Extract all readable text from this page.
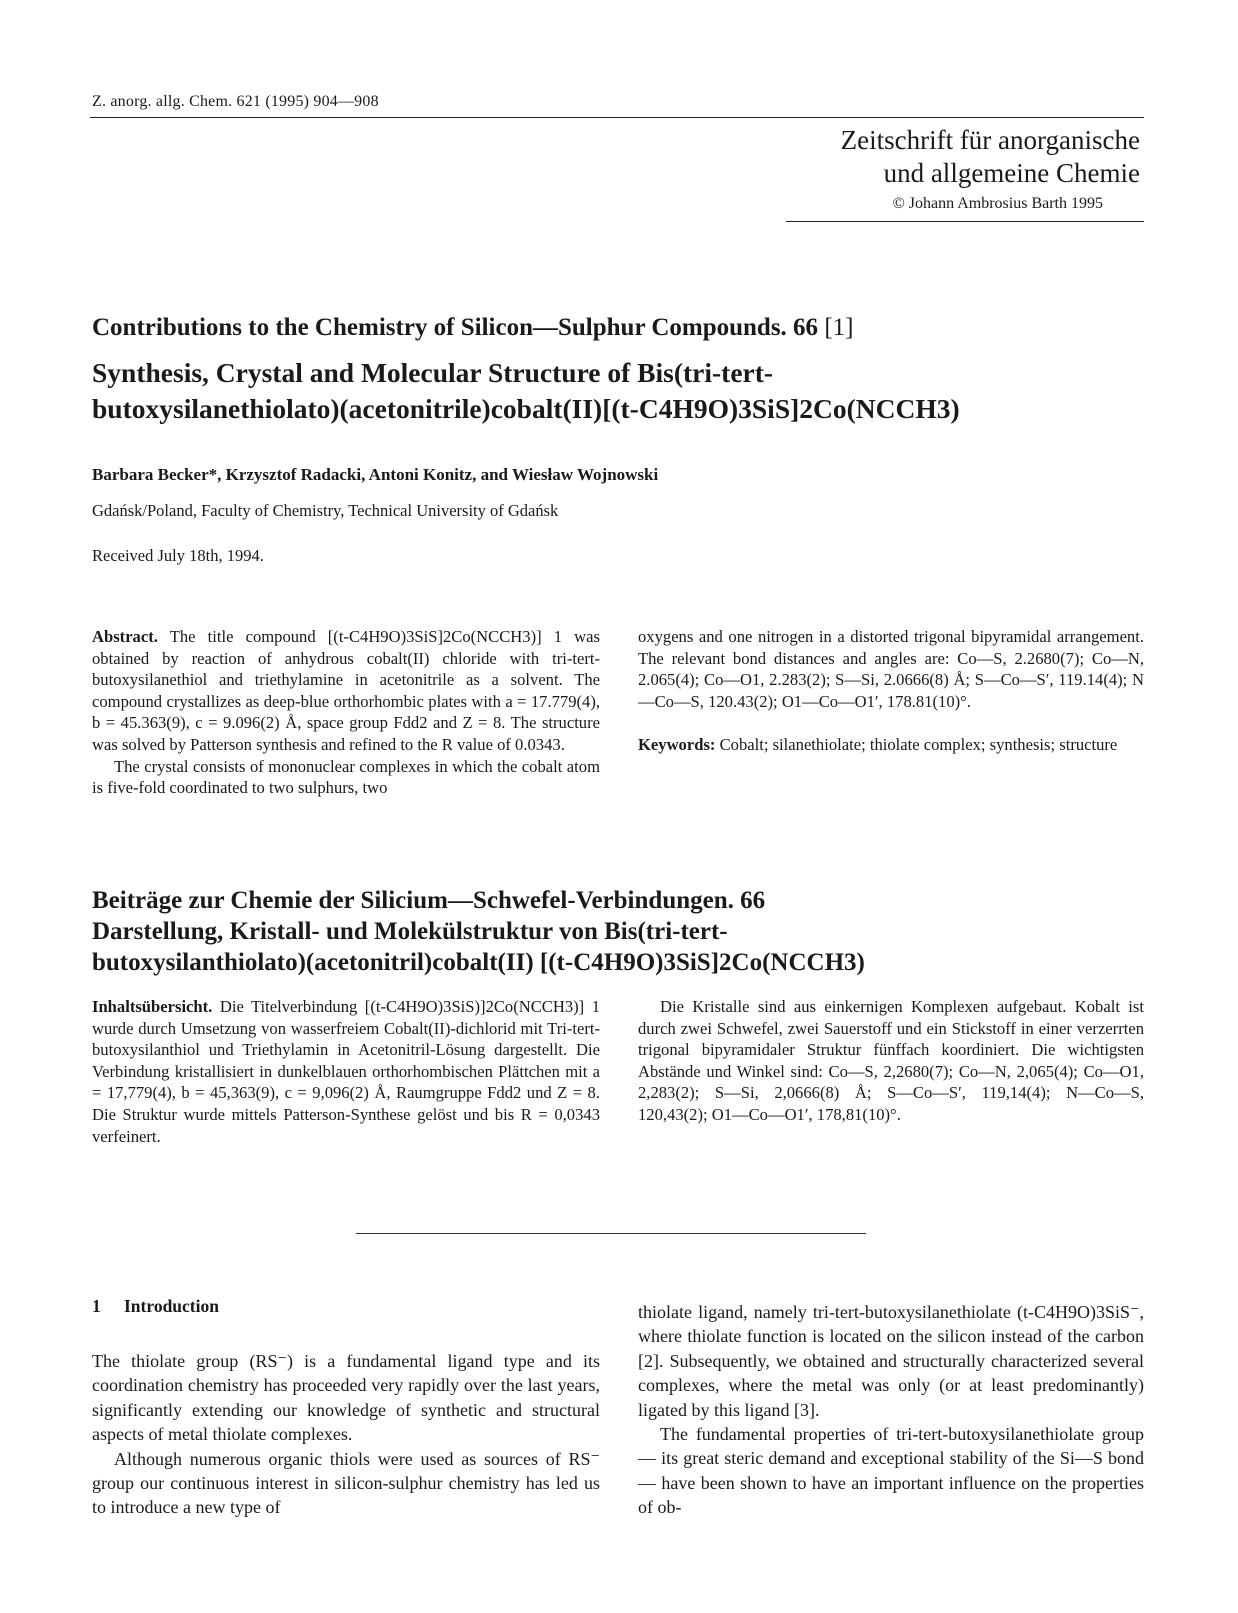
Z. anorg. allg. Chem. 621 (1995) 904—908
Zeitschrift für anorganische
und allgemeine Chemie
© Johann Ambrosius Barth 1995
Contributions to the Chemistry of Silicon—Sulphur Compounds. 66 [1]
Synthesis, Crystal and Molecular Structure of Bis(tri-tert-
butoxysilanethiolato)(acetonitrile)cobalt(II)[(t-C4H9O)3SiS]2Co(NCCH3)
Barbara Becker*, Krzysztof Radacki, Antoni Konitz, and Wiesław Wojnowski
Gdańsk/Poland, Faculty of Chemistry, Technical University of Gdańsk
Received July 18th, 1994.

Abstract. The title compound [(t-C4H9O)3SiS]2Co(NCCH3)] 1 was obtained by reaction of anhydrous cobalt(II) chloride with tri-tert-butoxysilanethiol and triethylamine in acetonitrile as a solvent. The compound crystallizes as deep-blue orthorhombic plates with a = 17.779(4), b = 45.363(9), c = 9.096(2) Å, space group Fdd2 and Z = 8. The structure was solved by Patterson synthesis and refined to the R value of 0.0343.

The crystal consists of mononuclear complexes in which the cobalt atom is five-fold coordinated to two sulphurs, two

oxygens and one nitrogen in a distorted trigonal bipyramidal arrangement. The relevant bond distances and angles are: Co—S, 2.2680(7); Co—N, 2.065(4); Co—O1, 2.283(2); S—Si, 2.0666(8) Å; S—Co—S′, 119.14(4); N—Co—S, 120.43(2); O1—Co—O1′, 178.81(10)°.

Keywords: Cobalt; silanethiolate; thiolate complex; synthesis; structure

Beiträge zur Chemie der Silicium—Schwefel-Verbindungen. 66
Darstellung, Kristall- und Molekülstruktur von Bis(tri-tert-
butoxysilanthiolato)(acetonitril)cobalt(II) [(t-C4H9O)3SiS]2Co(NCCH3)

Inhaltsübersicht. Die Titelverbindung [(t-C4H9O)3SiS)]2Co(NCCH3)] 1 wurde durch Umsetzung von wasserfreiem Cobalt(II)-dichlorid mit Tri-tert-butoxysilanthiol und Triethylamin in Acetonitril-Lösung dargestellt. Die Verbindung kristallisiert in dunkelblauen orthorhombischen Plättchen mit a = 17,779(4), b = 45,363(9), c = 9,096(2) Å, Raumgruppe Fdd2 und Z = 8. Die Struktur wurde mittels Patterson-Synthese gelöst und bis R = 0,0343 verfeinert.

Die Kristalle sind aus einkernigen Komplexen aufgebaut. Kobalt ist durch zwei Schwefel, zwei Sauerstoff und ein Stickstoff in einer verzerrten trigonal bipyramidaler Struktur fünffach koordiniert. Die wichtigsten Abstände und Winkel sind: Co—S, 2,2680(7); Co—N, 2,065(4); Co—O1, 2,283(2); S—Si, 2,0666(8) Å; S—Co—S′, 119,14(4); N—Co—S, 120,43(2); O1—Co—O1′, 178,81(10)°.

1 Introduction

The thiolate group (RS⁻) is a fundamental ligand type and its coordination chemistry has proceeded very rapidly over the last years, significantly extending our knowledge of synthetic and structural aspects of metal thiolate complexes.

Although numerous organic thiols were used as sources of RS⁻ group our continuous interest in silicon-sulphur chemistry has led us to introduce a new type of

thiolate ligand, namely tri-tert-butoxysilanethiolate (t-C4H9O)3SiS⁻, where thiolate function is located on the silicon instead of the carbon [2]. Subsequently, we obtained and structurally characterized several complexes, where the metal was only (or at least predominantly) ligated by this ligand [3].

The fundamental properties of tri-tert-butoxysilanethiolate group — its great steric demand and exceptional stability of the Si—S bond — have been shown to have an important influence on the properties of ob-
